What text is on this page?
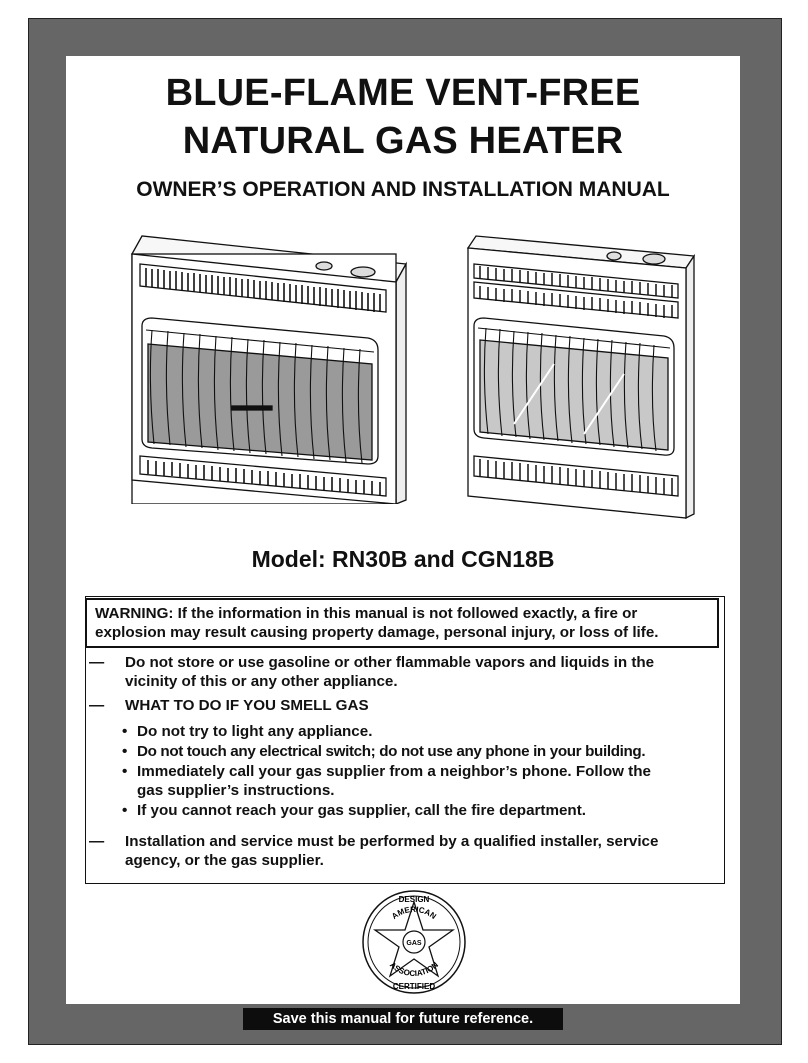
BLUE-FLAME VENT-FREE
NATURAL GAS HEATER
OWNER’S OPERATION AND INSTALLATION MANUAL
Model: RN30B and CGN18B
WARNING: If the information in this manual is not followed exactly, a fire or explosion may result causing property damage, personal injury, or loss of life.
— Do not store or use gasoline or other flammable vapors and liquids in the
vicinity of this or any other appliance.
— WHAT TO DO IF YOU SMELL GAS
• Do not try to light any appliance.
• Do not touch any electrical switch; do not use any phone in your building.
• Immediately call your gas supplier from a neighbor’s phone. Follow the
gas supplier’s instructions.
• If you cannot reach your gas supplier, call the fire department.
— Installation and service must be performed by a qualified installer, service
agency, or the gas supplier.
DESIGN
AMERICAN
GAS
ASSOCIATION
CERTIFIED
Save this manual for future reference.
